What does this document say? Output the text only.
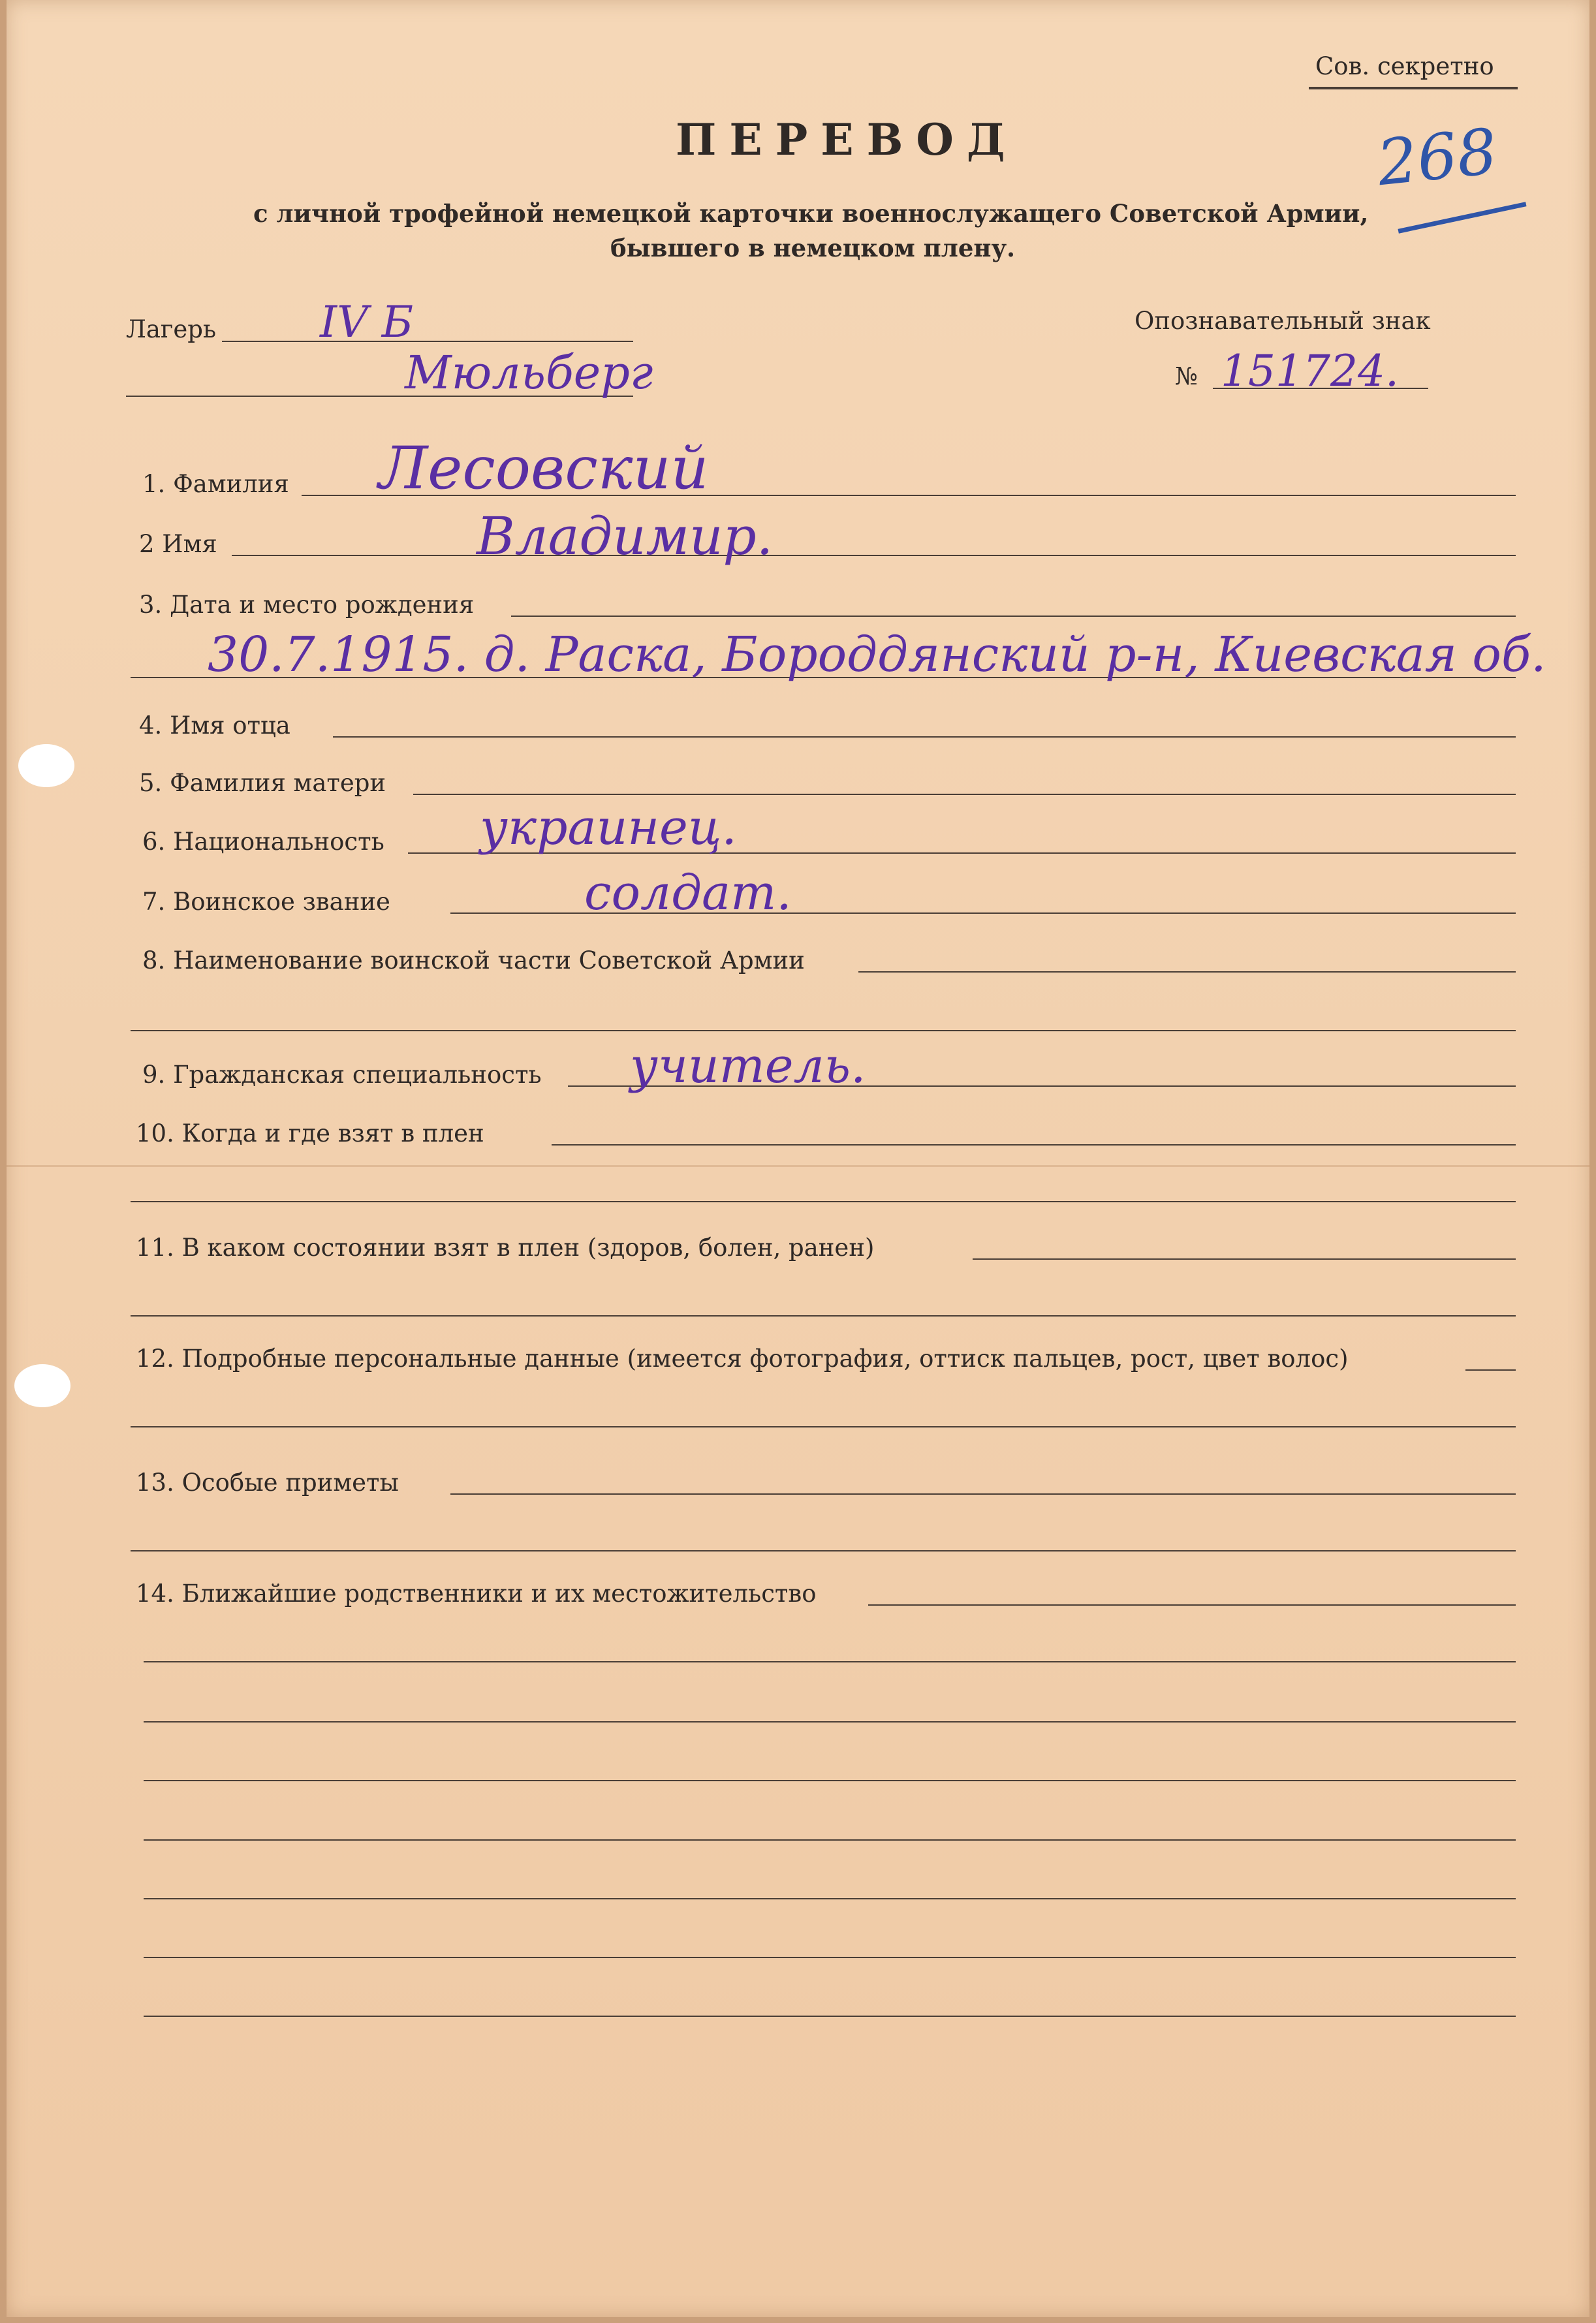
Сов. секретно
268
ПЕРЕВОД
с личной трофейной немецкой карточки военнослужащего Советской Армии,
бывшего в немецком плену.
Лагерь IV Б
Мюльберг
Опознавательный знак
№ 151724.
1. Фамилия Лесовский
2 Имя	Владимир.
3. Дата и место рождения
30.7.1915. д. Раска, Бороддянский р-н, Киевская об.
4. Имя отца
5. Фамилия матери
6. Национальность украинец.
7. Воинское звание	солдат.
8. Наименование воинской части Советской Армии
9. Гражданская специальность учитель.
10. Когда и где взят в плен
11. В каком состоянии взят в плен (здоров, болен, ранен)
12. Подробные персональные данные (имеется фотография, оттиск пальцев, рост, цвет волос)
13. Особые приметы
14. Ближайшие родственники и их местожительство
